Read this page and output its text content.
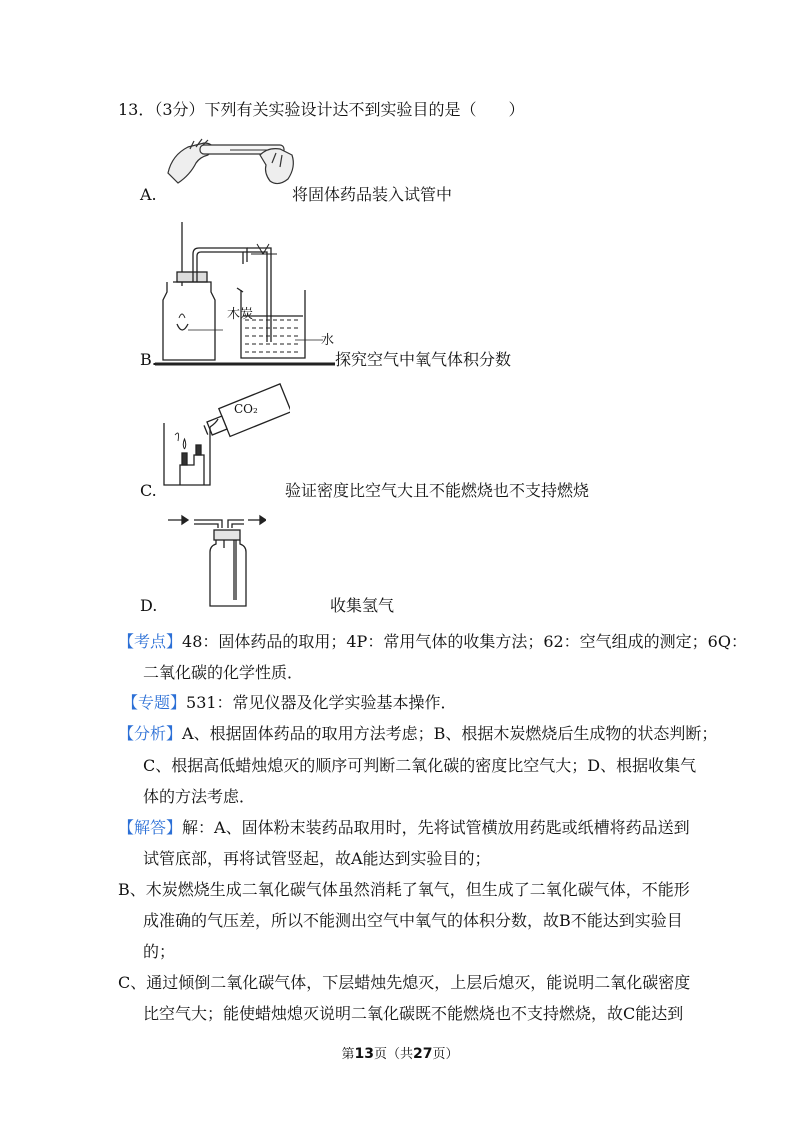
13．（3分）下列有关实验设计达不到实验目的是（　　）
A.	将固体药品装入试管中
木炭
水
B.	探究空气中氧气体积分数
CO₂
C.	验证密度比空气大且不能燃烧也不支持燃烧
D.	收集氢气
【考点】48：固体药品的取用；4P：常用气体的收集方法；62：空气组成的测定；6Q：
二氧化碳的化学性质．
【专题】531：常见仪器及化学实验基本操作．
【分析】A、根据固体药品的取用方法考虑；B、根据木炭燃烧后生成物的状态判断；
C、根据高低蜡烛熄灭的顺序可判断二氧化碳的密度比空气大；D、根据收集气
体的方法考虑．
【解答】解：A、固体粉末装药品取用时，先将试管横放用药匙或纸槽将药品送到
试管底部，再将试管竖起，故A能达到实验目的；
B、木炭燃烧生成二氧化碳气体虽然消耗了氧气，但生成了二氧化碳气体，不能形
成准确的气压差，所以不能测出空气中氧气的体积分数，故B不能达到实验目
的；
C、通过倾倒二氧化碳气体，下层蜡烛先熄灭，上层后熄灭，能说明二氧化碳密度
比空气大；能使蜡烛熄灭说明二氧化碳既不能燃烧也不支持燃烧，故C能达到
第13页（共27页）
